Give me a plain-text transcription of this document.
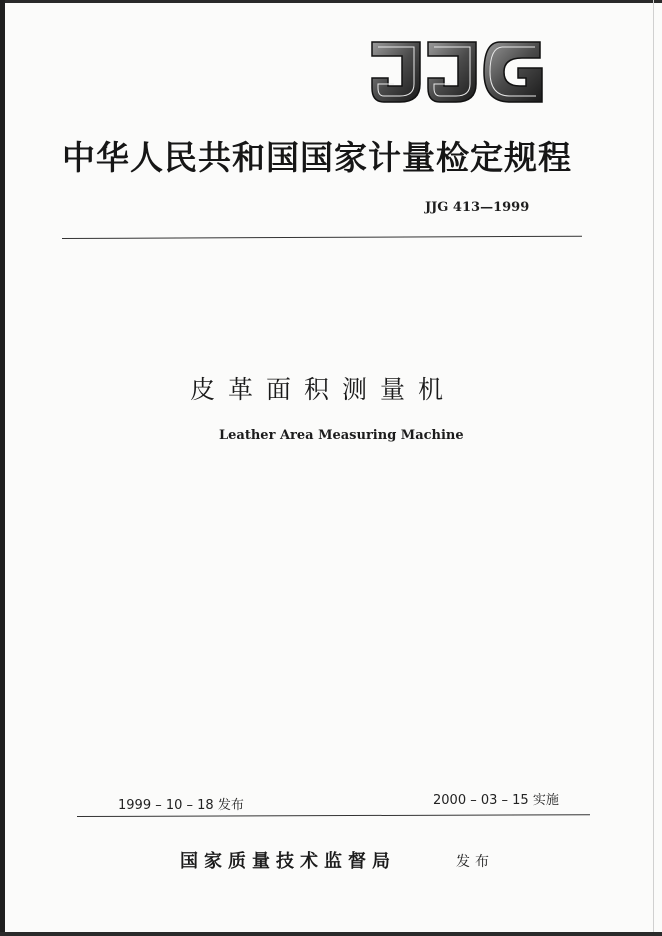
中华人民共和国国家计量检定规程
JJG 413—1999
皮革面积测量机
Leather Area Measuring Machine
1999 – 10 – 18 发布	2000 – 03 – 15 实施
国家质量技术监督局	发布
